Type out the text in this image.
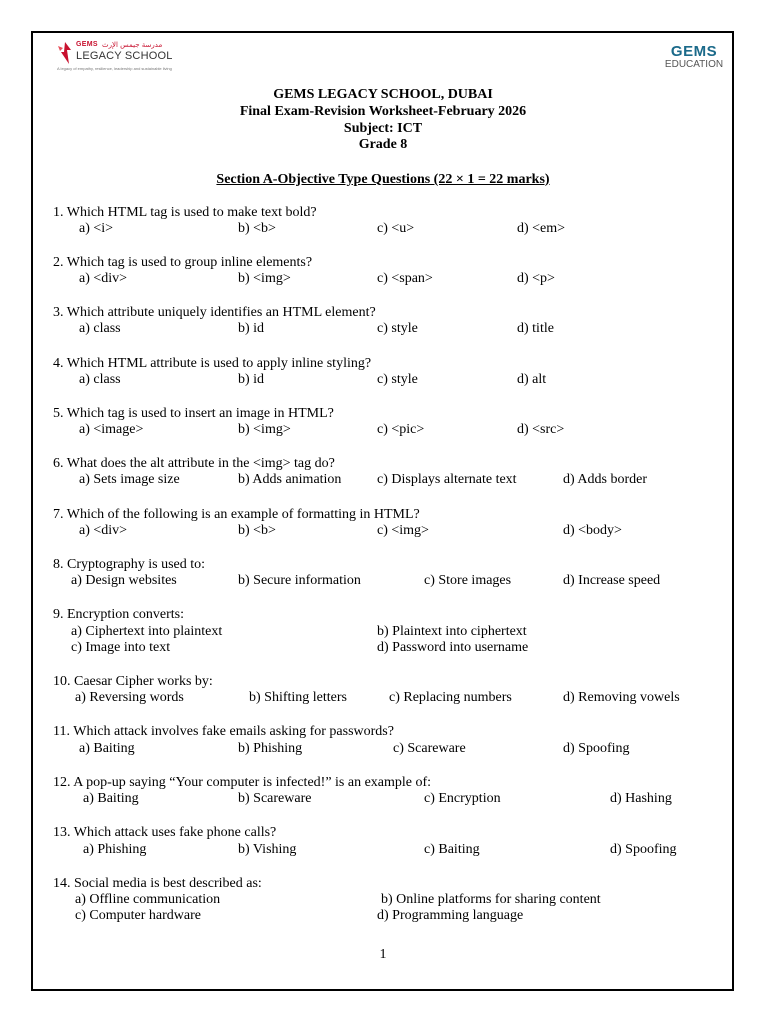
GEMS مدرسة جيمس الإرث
LEGACY SCHOOL
A legacy of empathy, resilience, leadership and sustainable living
GEMS
EDUCATION
GEMS LEGACY SCHOOL, DUBAI
Final Exam-Revision Worksheet-February 2026
Subject: ICT
Grade 8
Section A-Objective Type Questions (22 × 1 = 22 marks)
1. Which HTML tag is used to make text bold?
a) <i>	b) <b>	c) <u>	d) <em>
2. Which tag is used to group inline elements?
a) <div>	b) <img>	c) <span>	d) <p>
3. Which attribute uniquely identifies an HTML element?
a) class	b) id	c) style	d) title
4. Which HTML attribute is used to apply inline styling?
a) class	b) id	c) style	d) alt
5. Which tag is used to insert an image in HTML?
a) <image>	b) <img>	c) <pic>	d) <src>
6. What does the alt attribute in the <img> tag do?
a) Sets image size	b) Adds animation	c) Displays alternate text	d) Adds border
7. Which of the following is an example of formatting in HTML?
a) <div>	b) <b>	c) <img>	d) <body>
8. Cryptography is used to:
a) Design websites	b) Secure information	c) Store images	d) Increase speed
9. Encryption converts:
a) Ciphertext into plaintext	b) Plaintext into ciphertext
c) Image into text	d) Password into username
10. Caesar Cipher works by:
a) Reversing words	b) Shifting letters	c) Replacing numbers	d) Removing vowels
11. Which attack involves fake emails asking for passwords?
a) Baiting	b) Phishing	c) Scareware	d) Spoofing
12. A pop-up saying “Your computer is infected!” is an example of:
a) Baiting	b) Scareware	c) Encryption	d) Hashing
13. Which attack uses fake phone calls?
a) Phishing	b) Vishing	c) Baiting	d) Spoofing
14. Social media is best described as:
a) Offline communication	b) Online platforms for sharing content
c) Computer hardware	d) Programming language
1
